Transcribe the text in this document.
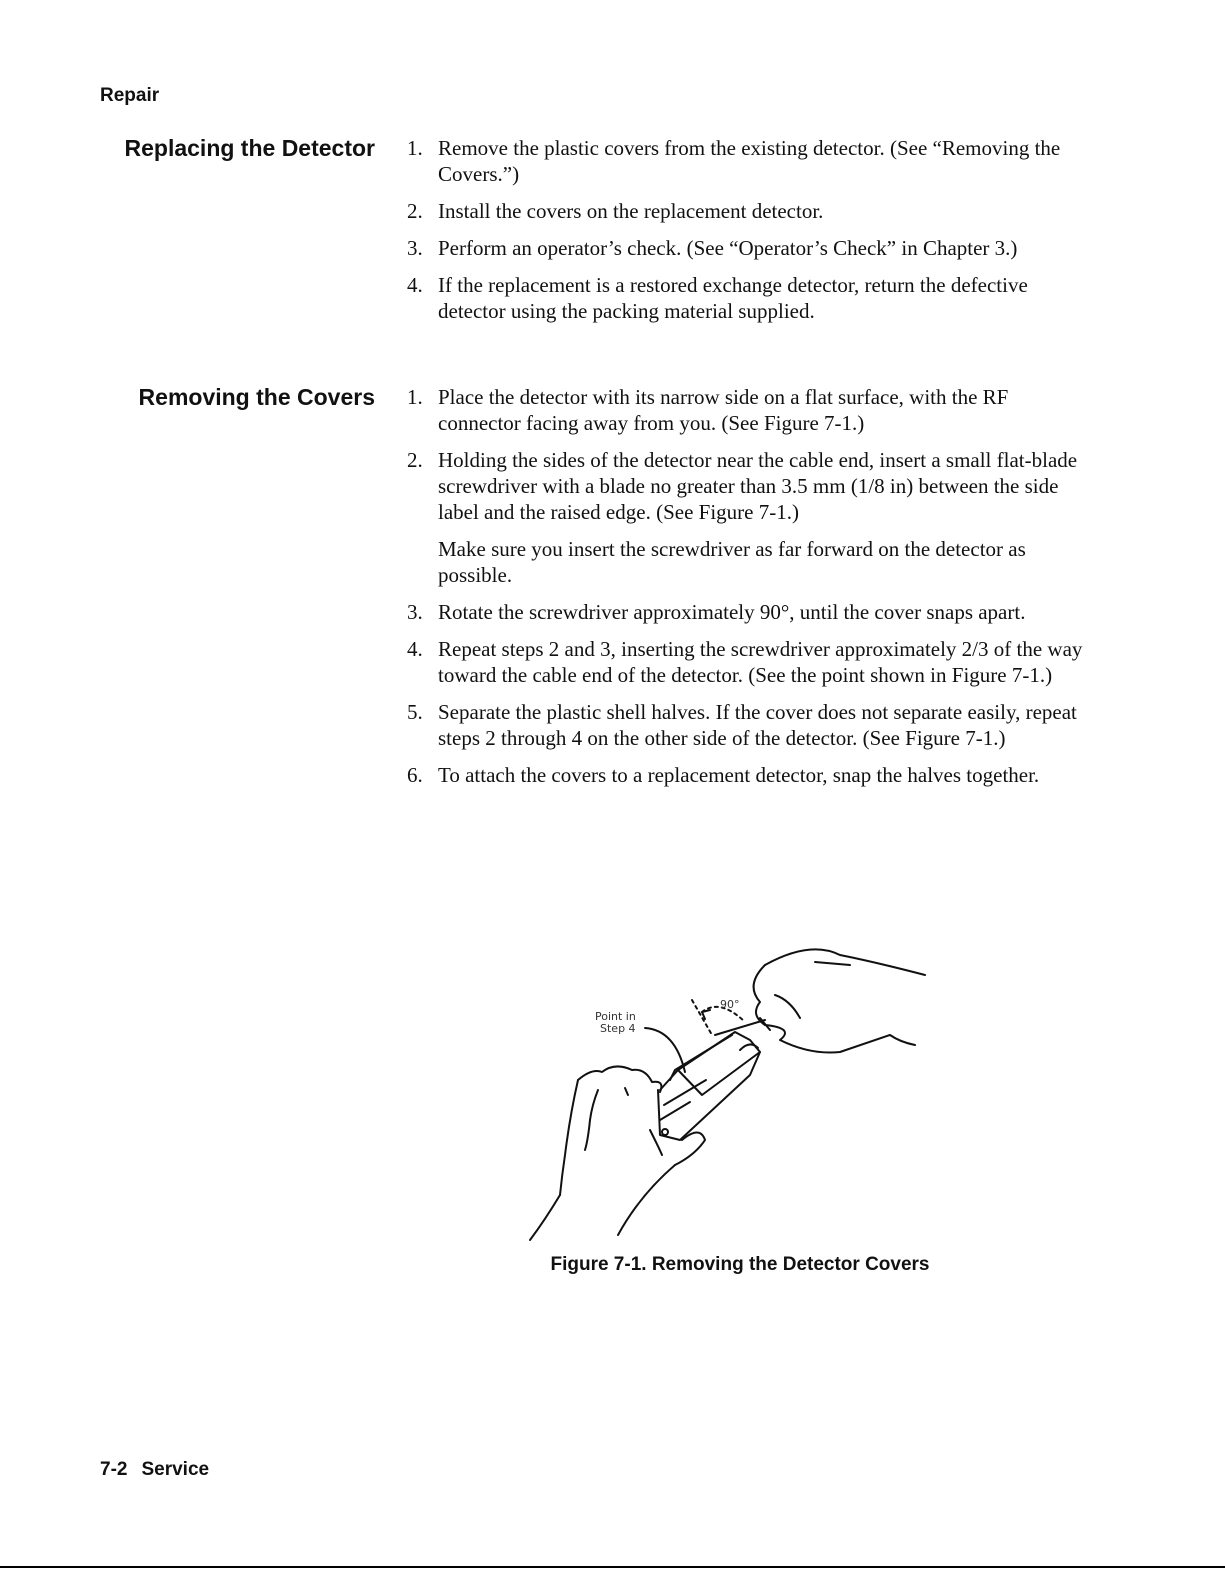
Repair
Replacing the Detector 1. Remove the plastic covers from the existing detector. (See “Removing the Covers.”)
2. Install the covers on the replacement detector.
3. Perform an operator’s check. (See “Operator’s Check” in Chapter 3.)
4. If the replacement is a restored exchange detector, return the defective detector using the packing material supplied.
Removing the Covers 1. Place the detector with its narrow side on a flat surface, with the RF connector facing away from you. (See Figure 7-1.)
2. Holding the sides of the detector near the cable end, insert a small flat-blade screwdriver with a blade no greater than 3.5 mm (1/8 in) between the side label and the raised edge. (See Figure 7-1.)
Make sure you insert the screwdriver as far forward on the detector as possible.
3. Rotate the screwdriver approximately 90°, until the cover snaps apart.
4. Repeat steps 2 and 3, inserting the screwdriver approximately 2/3 of the way toward the cable end of the detector. (See the point shown in Figure 7-1.)
5. Separate the plastic shell halves. If the cover does not separate easily, repeat steps 2 through 4 on the other side of the detector. (See Figure 7-1.)
6. To attach the covers to a replacement detector, snap the halves together.
Point in
Step 4
90°
Figure 7-1. Removing the Detector Covers
7-2 Service
